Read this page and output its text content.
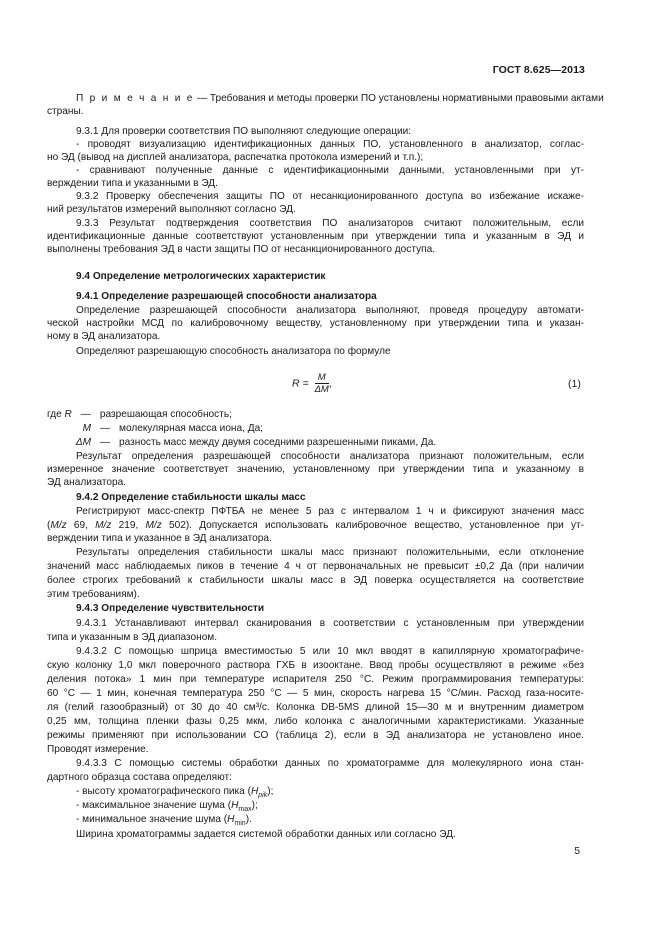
ГОСТ 8.625—2013
П р и м е ч а н и е — Требования и методы проверки ПО установлены нормативными правовыми актами
страны.
9.3.1 Для проверки соответствия ПО выполняют следующие операции:
- проводят визуализацию идентификационных данных ПО, установленного в анализатор, соглас-
но ЭД (вывод на дисплей анализатора, распечатка протокола измерений и т.п.);
- сравнивают полученные данные с идентификационными данными, установленными при ут-
верждении типа и указанными в ЭД.
9.3.2 Проверку обеспечения защиты ПО от несанкционированного доступа во избежание искаже-
ний результатов измерений выполняют согласно ЭД.
9.3.3 Результат подтверждения соответствия ПО анализаторов считают положительным, если
идентификационные данные соответствуют установленным при утверждении типа и указанным в ЭД и
выполнены требования ЭД в части защиты ПО от несанкционированного доступа.
9.4 Определение метрологических характеристик
9.4.1 Определение разрешающей способности анализатора
Определение разрешающей способности анализатора выполняют, проведя процедуру автомати-
ческой настройки МСД по калибровочному веществу, установленному при утверждении типа и указан-
ному в ЭД анализатора.
Определяют разрешающую способность анализатора по формуле
$R = \frac{M}{\Delta M}$ ,	(1)
где R — разрешающая способность;
M — молекулярная масса иона, Да;
ΔM — разность масс между двумя соседними разрешенными пиками, Да.
Результат определения разрешающей способности анализатора признают положительным, если
измеренное значение соответствует значению, установленному при утверждении типа и указанному в
ЭД анализатора.
9.4.2 Определение стабильности шкалы масс
Регистрируют масс-спектр ПФТБА не менее 5 раз с интервалом 1 ч и фиксируют значения масс
(M/z 69, M/z 219, M/z 502). Допускается использовать калибровочное вещество, установленное при ут-
верждении типа и указанное в ЭД анализатора.
Результаты определения стабильности шкалы масс признают положительными, если отклонение
значений масс наблюдаемых пиков в течение 4 ч от первоначальных не превысит ±0,2 Да (при наличии
более строгих требований к стабильности шкалы масс в ЭД поверка осуществляется на соответствие
этим требованиям).
9.4.3 Определение чувствительности
9.4.3.1 Устанавливают интервал сканирования в соответствии с установленным при утверждении
типа и указанным в ЭД диапазоном.
9.4.3.2 С помощью шприца вместимостью 5 или 10 мкл вводят в капиллярную хроматографиче-
скую колонку 1,0 мкл поверочного раствора ГХБ в изооктане. Ввод пробы осуществляют в режиме «без
деления потока» 1 мин при температуре испарителя 250 °С. Режим программирования температуры:
60 °С — 1 мин, конечная температура 250 °С — 5 мин, скорость нагрева 15 °С/мин. Расход газа-носите-
ля (гелий газообразный) от 30 до 40 см³/с. Колонка DB-5MS длиной 15—30 м и внутренним диаметром
0,25 мм, толщина пленки фазы 0,25 мкм, либо колонка с аналогичными характеристиками. Указанные
режимы применяют при использовании СО (таблица 2), если в ЭД анализатора не установлено иное.
Проводят измерение.
9.4.3.3 С помощью системы обработки данных по хроматограмме для молекулярного иона стан-
дартного образца состава определяют:
- высоту хроматографического пика $(H_{pik})$;
- максимальное значение шума $(H_{max})$;
- минимальное значение шума $(H_{min})$.
Ширина хроматограммы задается системой обработки данных или согласно ЭД.
5
